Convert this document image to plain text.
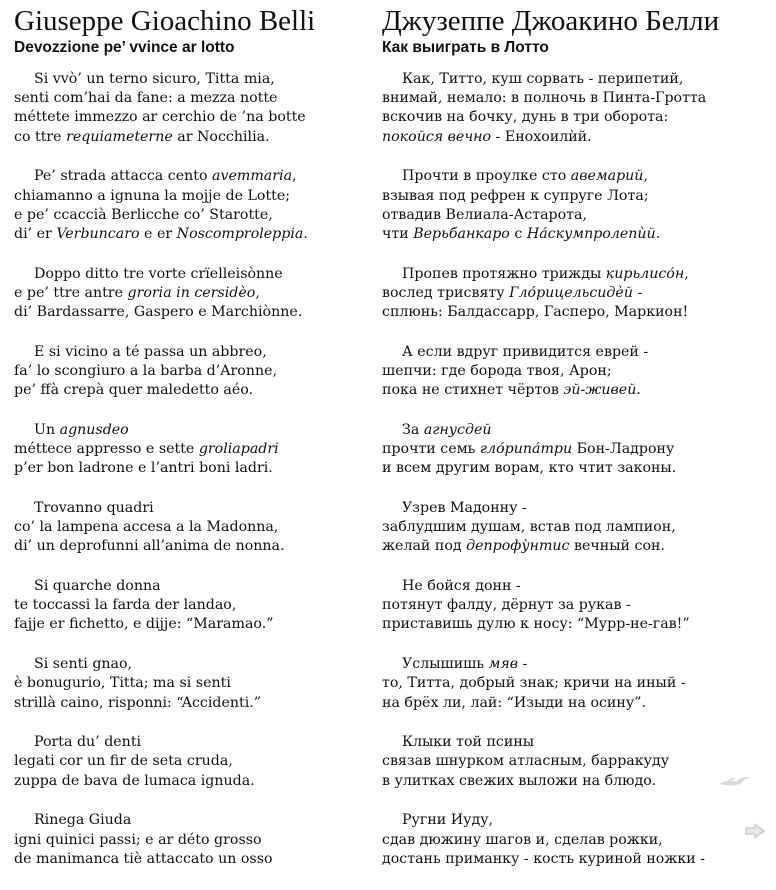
Giuseppe Gioachino Belli
Devozzione pe’ vvince ar lotto
Si vvò’ un terno sicuro, Titta mia,
senti com’hai da fane: a mezza notte
méttete immezzo ar cerchio de ’na botte
co ttre requiameterne ar Nocchilia.
Pe’ strada attacca cento avemmaria,
chiamanno a ignuna la mojje de Lotte;
e pe’ ccaccià Berlicche co’ Starotte,
di’ er Verbuncaro e er Noscomproleppia.
Doppo ditto tre vorte crïelleisònne
e pe’ ttre antre groria in cersidèo,
di’ Bardassarre, Gaspero e Marchiònne.
E si vicino a té passa un abbreo,
fa’ lo scongiuro a la barba d’Aronne,
pe’ ffà crepà quer maledetto aéo.
Un agnusdeo
méttece appresso e sette groliapadri
p’er bon ladrone e l’antri boni ladri.
Trovanno quadri
co’ la lampena accesa a la Madonna,
di’ un deprofunni all’anima de nonna.
Si quarche donna
te toccassi la farda der landao,
fajje er fichetto, e dijje: “Maramao.”
Si senti gnao,
è bonugurio, Titta; ma si senti
strillà caino, risponni: “Accidenti.”
Porta du’ denti
legati cor un fir de seta cruda,
zuppa de bava de lumaca ignuda.
Rinega Giuda
igni quinici passi; e ar déto grosso
de manimanca tiè attaccato un osso
Джузеппе Джоакино Белли
Как выиграть в Лотто
Как, Титто, куш сорвать - перипетий,
внимай, немало: в полночь в Пинта-Гротта
вскочив на бочку, дунь в три оборота:
покойся вечно - Енохоилѝй.
Прочти в проулке сто авемарий,
взывая под рефрен к супруге Лота;
отвадив Велиала-Астарота,
чти Верьбанкаро с На́скумпролепѝй.
Пропев протяжно трижды кирьлисо́н,
вослед трисвяту Гло́рицельсидѐй -
сплюнь: Балдассарр, Гасперо, Маркион!
А если вдруг привидится еврей -
шепчи: где борода твоя, Арон;
пока не стихнет чёртов эй-живей.
За агнусдей
прочти семь гло́рипа́три Бон-Ладрону
и всем другим ворам, кто чтит законы.
Узрев Мадонну -
заблудшим душам, встав под лампион,
желай под депрофу̀нтис вечный сон.
Не бойся донн -
потянут фалду, дёрнут за рукав -
приставишь дулю к носу: “Мурр-не-гав!”
Услышишь мяв -
то, Титта, добрый знак; кричи на иный -
на брёх ли, лай: “Изыди на осину”.
Клыки той псины
связав шнурком атласным, барракуду
в улитках свежих выложи на блюдо.
Ругни Иуду,
сдав дюжину шагов и, сделав рожки,
достань приманку - кость куриной ножки -
